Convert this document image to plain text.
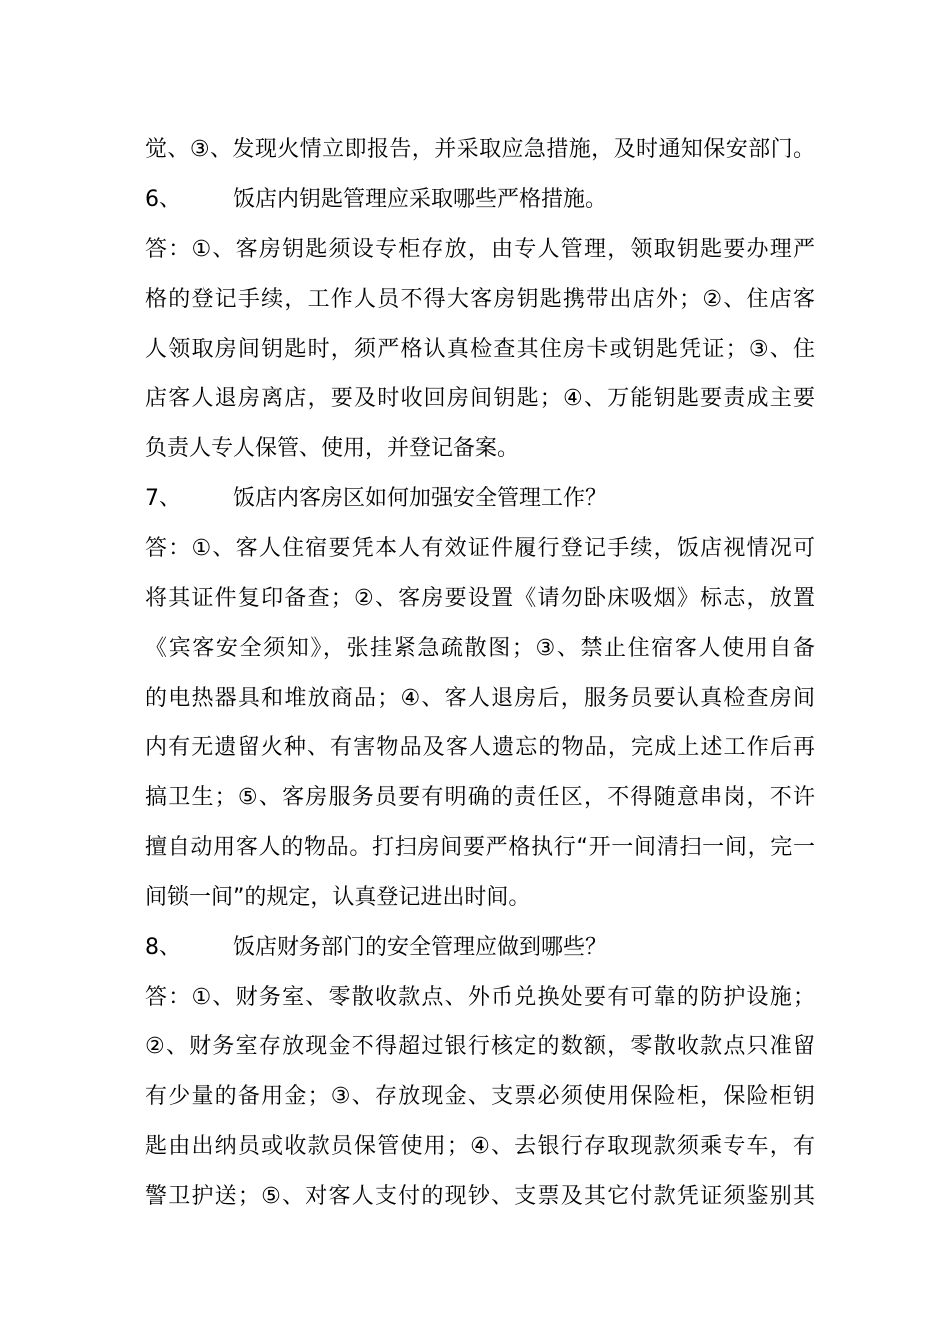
觉、③、发现火情立即报告，并采取应急措施，及时通知保安部门。
6、 饭店内钥匙管理应采取哪些严格措施。
答：①、客房钥匙须设专柜存放，由专人管理，领取钥匙要办理严
格的登记手续，工作人员不得大客房钥匙携带出店外；②、住店客
人领取房间钥匙时，须严格认真检查其住房卡或钥匙凭证；③、住
店客人退房离店，要及时收回房间钥匙；④、万能钥匙要责成主要
负责人专人保管、使用，并登记备案。
7、 饭店内客房区如何加强安全管理工作？
答：①、客人住宿要凭本人有效证件履行登记手续，饭店视情况可
将其证件复印备查；②、客房要设置《请勿卧床吸烟》标志，放置
《宾客安全须知》，张挂紧急疏散图；③、禁止住宿客人使用自备
的电热器具和堆放商品；④、客人退房后，服务员要认真检查房间
内有无遗留火种、有害物品及客人遗忘的物品，完成上述工作后再
搞卫生；⑤、客房服务员要有明确的责任区，不得随意串岗，不许
擅自动用客人的物品。打扫房间要严格执行“开一间清扫一间，完一
间锁一间”的规定，认真登记进出时间。
8、 饭店财务部门的安全管理应做到哪些？
答：①、财务室、零散收款点、外币兑换处要有可靠的防护设施；
②、财务室存放现金不得超过银行核定的数额，零散收款点只准留
有少量的备用金；③、存放现金、支票必须使用保险柜，保险柜钥
匙由出纳员或收款员保管使用；④、去银行存取现款须乘专车，有
警卫护送；⑤、对客人支付的现钞、支票及其它付款凭证须鉴别其
